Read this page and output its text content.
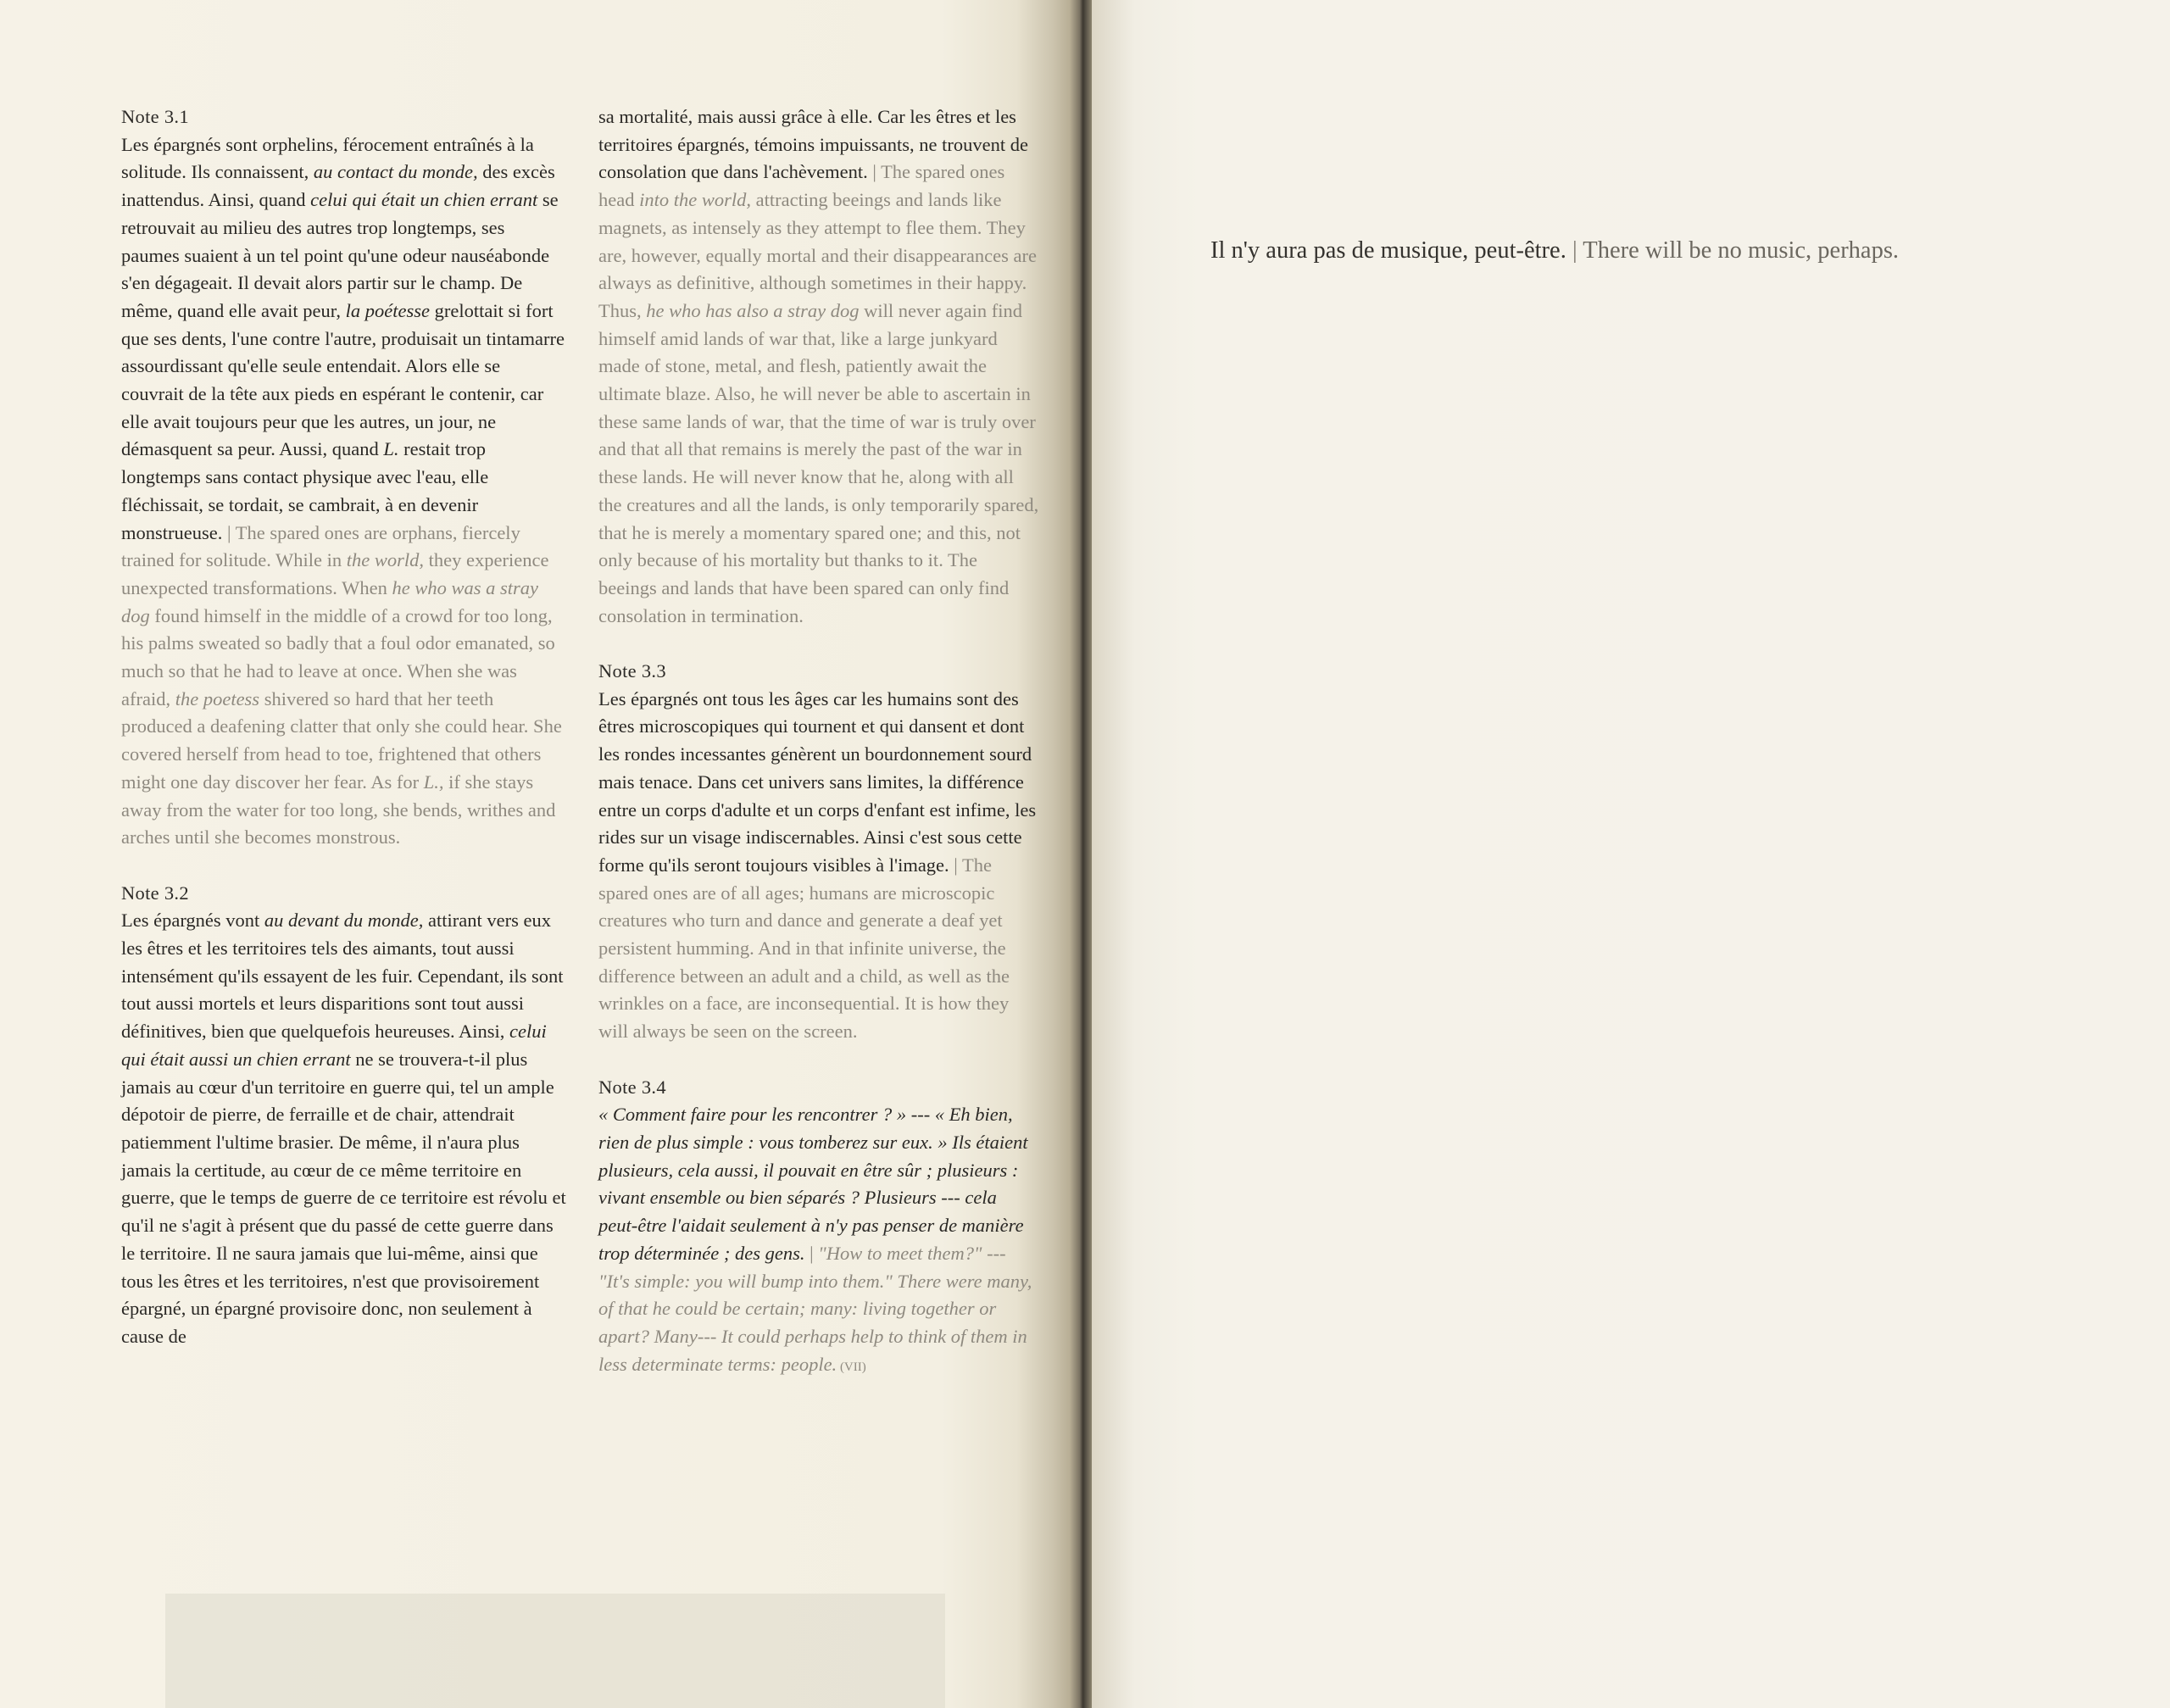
Note 3.1
Les épargnés sont orphelins, férocement entraînés à la solitude. Ils connaissent, au contact du monde, des excès inattendus. Ainsi, quand celui qui était un chien errant se retrouvait au milieu des autres trop longtemps, ses paumes suaient à un tel point qu'une odeur nauséabonde s'en dégageait. Il devait alors partir sur le champ. De même, quand elle avait peur, la poétesse grelottait si fort que ses dents, l'une contre l'autre, produisait un tintamarre assourdissant qu'elle seule entendait. Alors elle se couvrait de la tête aux pieds en espérant le contenir, car elle avait toujours peur que les autres, un jour, ne démasquent sa peur. Aussi, quand L. restait trop longtemps sans contact physique avec l'eau, elle fléchissait, se tordait, se cambrait, à en devenir monstrueuse. | The spared ones are orphans, fiercely trained for solitude. While in the world, they experience unexpected transformations. When he who was a stray dog found himself in the middle of a crowd for too long, his palms sweated so badly that a foul odor emanated, so much so that he had to leave at once. When she was afraid, the poetess shivered so hard that her teeth produced a deafening clatter that only she could hear. She covered herself from head to toe, frightened that others might one day discover her fear. As for L., if she stays away from the water for too long, she bends, writhes and arches until she becomes monstrous.
Note 3.2
Les épargnés vont au devant du monde, attirant vers eux les êtres et les territoires tels des aimants, tout aussi intensément qu'ils essayent de les fuir. Cependant, ils sont tout aussi mortels et leurs disparitions sont tout aussi définitives, bien que quelquefois heureuses. Ainsi, celui qui était aussi un chien errant ne se trouvera-t-il plus jamais au cœur d'un territoire en guerre qui, tel un ample dépotoir de pierre, de ferraille et de chair, attendrait patiemment l'ultime brasier. De même, il n'aura plus jamais la certitude, au cœur de ce même territoire en guerre, que le temps de guerre de ce territoire est révolu et qu'il ne s'agit à présent que du passé de cette guerre dans le territoire. Il ne saura jamais que lui-même, ainsi que tous les êtres et les territoires, n'est que provisoirement épargné, un épargné provisoire donc, non seulement à cause de
sa mortalité, mais aussi grâce à elle. Car les êtres et les territoires épargnés, témoins impuissants, ne trouvent de consolation que dans l'achèvement. | The spared ones head into the world, attracting beeings and lands like magnets, as intensely as they attempt to flee them. They are, however, equally mortal and their disappearances are always as definitive, although sometimes in their happy. Thus, he who has also a stray dog will never again find himself amid lands of war that, like a large junkyard made of stone, metal, and flesh, patiently await the ultimate blaze. Also, he will never be able to ascertain in these same lands of war, that the time of war is truly over and that all that remains is merely the past of the war in these lands. He will never know that he, along with all the creatures and all the lands, is only temporarily spared, that he is merely a momentary spared one; and this, not only because of his mortality but thanks to it. The beeings and lands that have been spared can only find consolation in termination.
Note 3.3
Les épargnés ont tous les âges car les humains sont des êtres microscopiques qui tournent et qui dansent et dont les rondes incessantes génèrent un bourdonnement sourd mais tenace. Dans cet univers sans limites, la différence entre un corps d'adulte et un corps d'enfant est infime, les rides sur un visage indiscernables. Ainsi c'est sous cette forme qu'ils seront toujours visibles à l'image. | The spared ones are of all ages; humans are microscopic creatures who turn and dance and generate a deaf yet persistent humming. And in that infinite universe, the difference between an adult and a child, as well as the wrinkles on a face, are inconsequential. It is how they will always be seen on the screen.
Note 3.4
« Comment faire pour les rencontrer ? » --- « Eh bien, rien de plus simple : vous tomberez sur eux. » Ils étaient plusieurs, cela aussi, il pouvait en être sûr ; plusieurs : vivant ensemble ou bien séparés ? Plusieurs --- cela peut-être l'aidait seulement à n'y pas penser de manière trop déterminée ; des gens. | "How to meet them?" --- "It's simple: you will bump into them." There were many, of that he could be certain; many: living together or apart? Many--- It could perhaps help to think of them in less determinate terms: people. (VII)
Il n'y aura pas de musique, peut-être. | There will be no music, perhaps.
